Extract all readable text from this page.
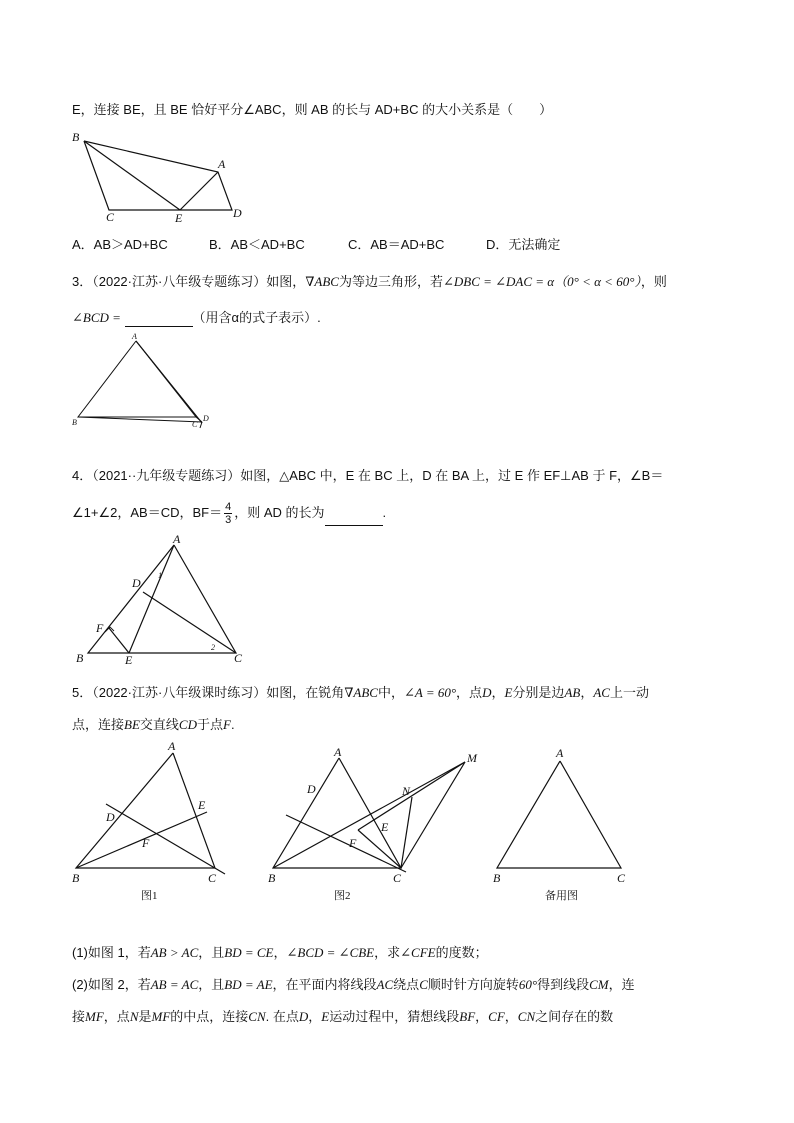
E，连接 BE，且 BE 恰好平分∠ABC，则 AB 的长与 AD+BC 的大小关系是（　　）
B
A
C	E	D
A．AB＞AD+BC	B．AB＜AD+BC	C．AB＝AD+BC	D．无法确定
3．（2022·江苏·八年级专题练习）如图，∇ABC为等边三角形，若∠DBC = ∠DAC = α（0° < α < 60°），则
∠BCD =	（用含α的式子表示）.
A
B	C
D
4．（2021··九年级专题练习）如图，△ABC 中，E 在 BC 上，D 在 BA 上，过 E 作 EF⊥AB 于 F，∠B＝
∠1+∠2，AB＝CD，$BF= \frac{4}{3}$ ，则 AD 的长为	.
A
D
F
B	E	C
1
2
5．（2022·江苏·八年级课时练习）如图，在锐角∇ABC中，∠A = 60°，点D，E分别是边AB，AC上一动
点，连接BE交直线CD于点F.
A
D
E
F
B	C
图1
A	M
N
D
E
F
B	C
图2
A
B	C
备用图
(1)如图 1，若AB > AC，且BD = CE，∠BCD = ∠CBE，求∠CFE的度数；
(2)如图 2，若AB = AC，且BD = AE，在平面内将线段AC绕点C顺时针方向旋转60°得到线段CM，连
接MF，点N是MF的中点，连接CN. 在点D，E运动过程中，猜想线段BF，CF，CN之间存在的数
